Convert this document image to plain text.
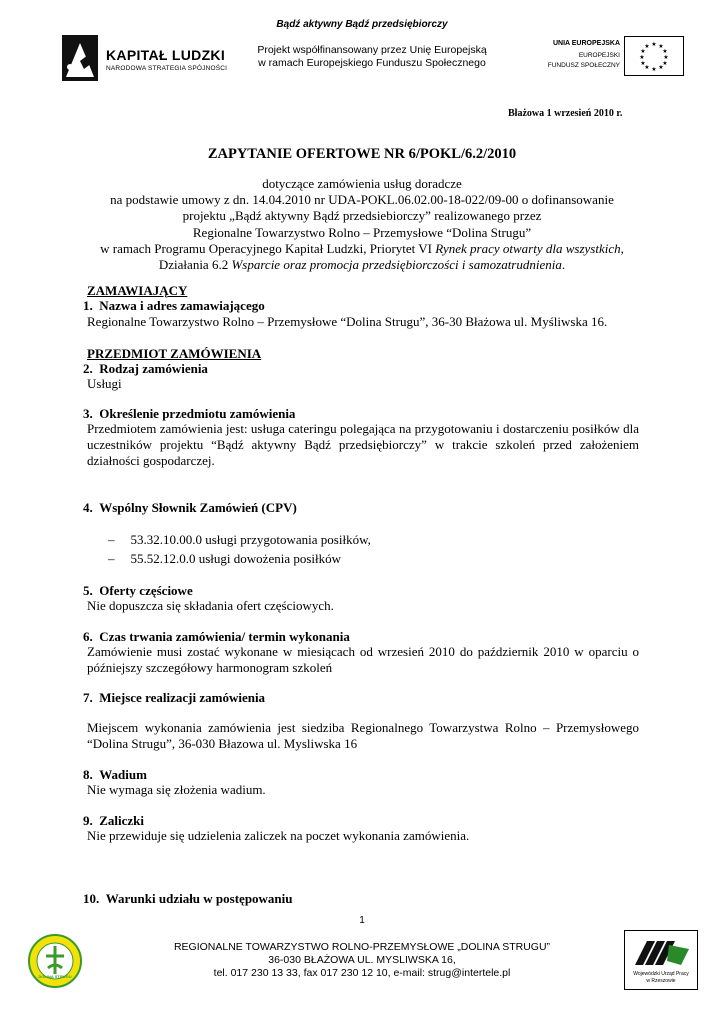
Bądź aktywny Bądź przedsiębiorczy
KAPITAŁ LUDZKI
NARODOWA STRATEGIA SPÓJNOŚCI
Projekt współfinansowany przez Unię Europejską
w ramach Europejskiego Funduszu Społecznego
UNIA EUROPEJSKA
EUROPEJSKI
FUNDUSZ SPOŁECZNY
★ ★
★
★
★
★
★
★
★
★
★
★
Błażowa 1 wrzesień 2010 r.
ZAPYTANIE OFERTOWE NR 6/POKL/6.2/2010
dotyczące zamówienia usług doradcze
na podstawie umowy z dn. 14.04.2010 nr UDA-POKL.06.02.00-18-022/09-00 o dofinansowanie
projektu „Bądź aktywny Bądź przedsiebiorczy” realizowanego przez
Regionalne Towarzystwo Rolno – Przemysłowe “Dolina Strugu”
w ramach Programu Operacyjnego Kapitał Ludzki, Priorytet VI Rynek pracy otwarty dla wszystkich,
Działania 6.2 Wsparcie oraz promocja przedsiębiorczości i samozatrudnienia.
ZAMAWIAJĄCY
1. Nazwa i adres zamawiającego
Regionalne Towarzystwo Rolno – Przemysłowe “Dolina Strugu”, 36-30 Błażowa ul. Myśliwska 16.
PRZEDMIOT ZAMÓWIENIA
2. Rodzaj zamówienia
Usługi
3. Określenie przedmiotu zamówienia
Przedmiotem zamówienia jest: usługa cateringu polegająca na przygotowaniu i dostarczeniu posiłków dla uczestników projektu “Bądź aktywny Bądź przedsiębiorczy” w trakcie szkoleń przed założeniem działności gospodarczej.
4. Wspólny Słownik Zamówień (CPV)
– 53.32.10.00.0 usługi przygotowania posiłków,
– 55.52.12.0.0 usługi dowożenia posiłków
5. Oferty częściowe
Nie dopuszcza się składania ofert częściowych.
6. Czas trwania zamówienia/ termin wykonania
Zamówienie musi zostać wykonane w miesiącach od wrzesień 2010 do październik 2010 w oparciu o późniejszy szczegółowy harmonogram szkoleń
7. Miejsce realizacji zamówienia
Miejscem wykonania zamówienia jest siedziba Regionalnego Towarzystwa Rolno – Przemysłowego “Dolina Strugu”, 36-030 Błazowa ul. Mysliwska 16
8. Wadium
Nie wymaga się złożenia wadium.
9. Zaliczki
Nie przewiduje się udzielenia zaliczek na poczet wykonania zamówienia.
10. Warunki udziału w postępowaniu
1
DOLINA STRUGU	Wojewódzki Urząd Pracy
w Rzeszowie
REGIONALNE TOWARZYSTWO ROLNO-PRZEMYSŁOWE „DOLINA STRUGU”
36-030 BŁAŻOWA UL. MYSLIWSKA 16,
tel. 017 230 13 33, fax 017 230 12 10, e-mail: strug@intertele.pl
